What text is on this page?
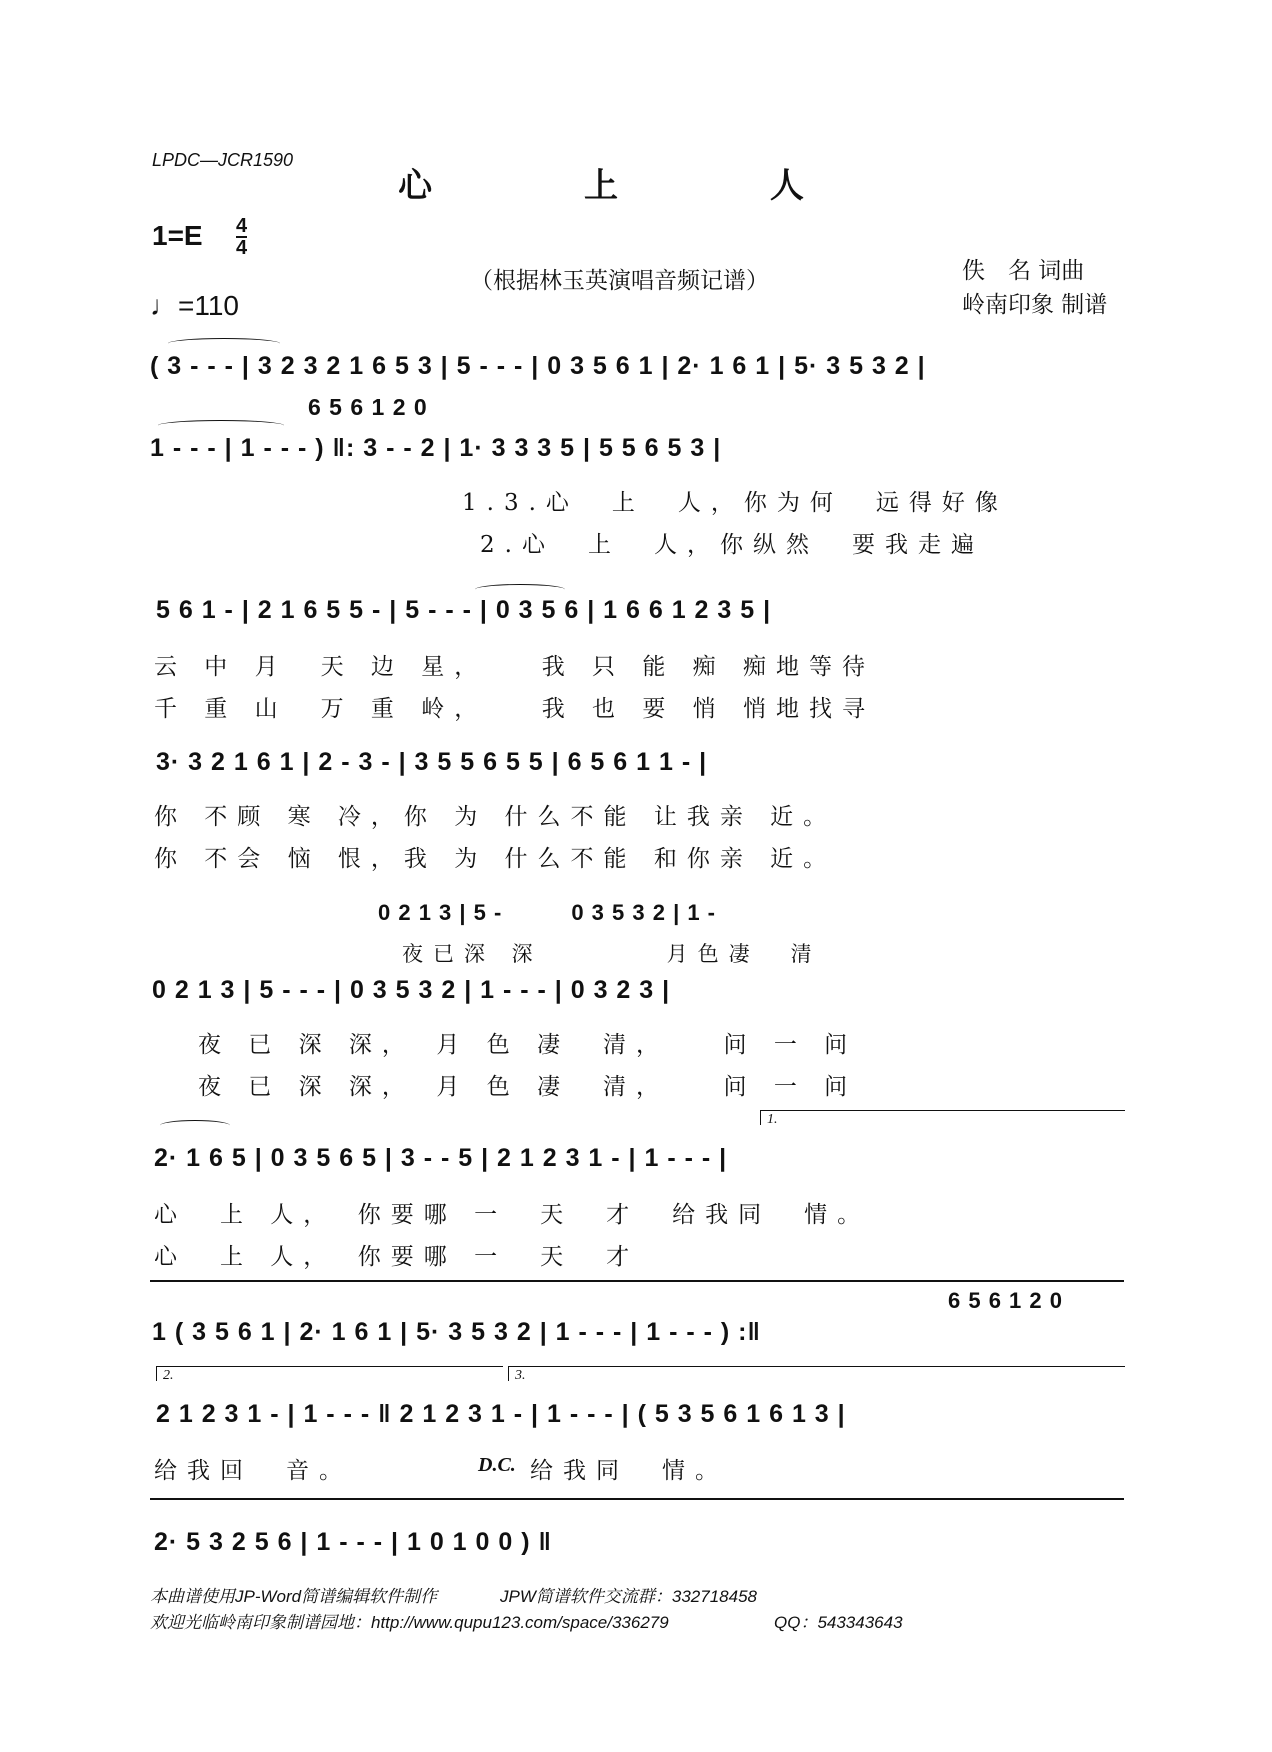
LPDC—JCR1590
心 上 人
1=E 4
4
♩=110
（根据林玉英演唱音频记谱）	佚　名 词曲
岭南印象 制谱
( 3 - - - | 3 2 3 2 1 6 5 3 | 5 - - - | 0 3 5 6 1 | 2· 1 6 1 | 5· 3 5 3 2 |
6 5 6 1 2 0
1 - - - | 1 - - - ) ‖: 3 - - 2 | 1· 3 3 3 5 | 5 5 6 5 3 |
1.3.心　上　人，你为何　远得好像
2.心　上　人，你纵然　要我走遍
5 6 1 - | 2 1 6 5 5 - | 5 - - - | 0 3 5 6 | 1 6 6 1 2 3 5 |
云 中 月　天 边 星，　　我 只 能 痴 痴地等待
千 重 山　万 重 岭，　　我 也 要 悄 悄地找寻
3· 3 2 1 6 1 | 2 - 3 - | 3 5 5 6 5 5 | 6 5 6 1 1 - |
你 不顾 寒 冷，你 为 什么不能 让我亲 近。
你 不会 恼 恨，我 为 什么不能 和你亲 近。
0 2 1 3 | 5 -　　　0 3 5 3 2 | 1 -
夜已深 深　　　　月色凄　清
0 2 1 3 | 5 - - - | 0 3 5 3 2 | 1 - - - | 0 3 2 3 |
夜 已 深 深，　月 色 凄　清，　　问 一 问
夜 已 深 深，　月 色 凄　清，　　问 一 问
1.
2· 1 6 5 | 0 3 5 6 5 | 3 - - 5 | 2 1 2 3 1 - | 1 - - - |
心　上 人，　你要哪 一　天　才　给我同　情。
心　上 人，　你要哪 一　天　才
6 5 6 1 2 0
1 ( 3 5 6 1 | 2· 1 6 1 | 5· 3 5 3 2 | 1 - - - | 1 - - - ) :‖
2.	3.
2 1 2 3 1 - | 1 - - - ‖ 2 1 2 3 1 - | 1 - - - | ( 5 3 5 6 1 6 1 3 |
给我回　音。	D.C. 给我同　情。
2· 5 3 2 5 6 | 1 - - - | 1 0 1 0 0 ) ‖
本曲谱使用JP-Word简谱编辑软件制作	JPW简谱软件交流群：332718458
欢迎光临岭南印象制谱园地：http://www.qupu123.com/space/336279	QQ：543343643
